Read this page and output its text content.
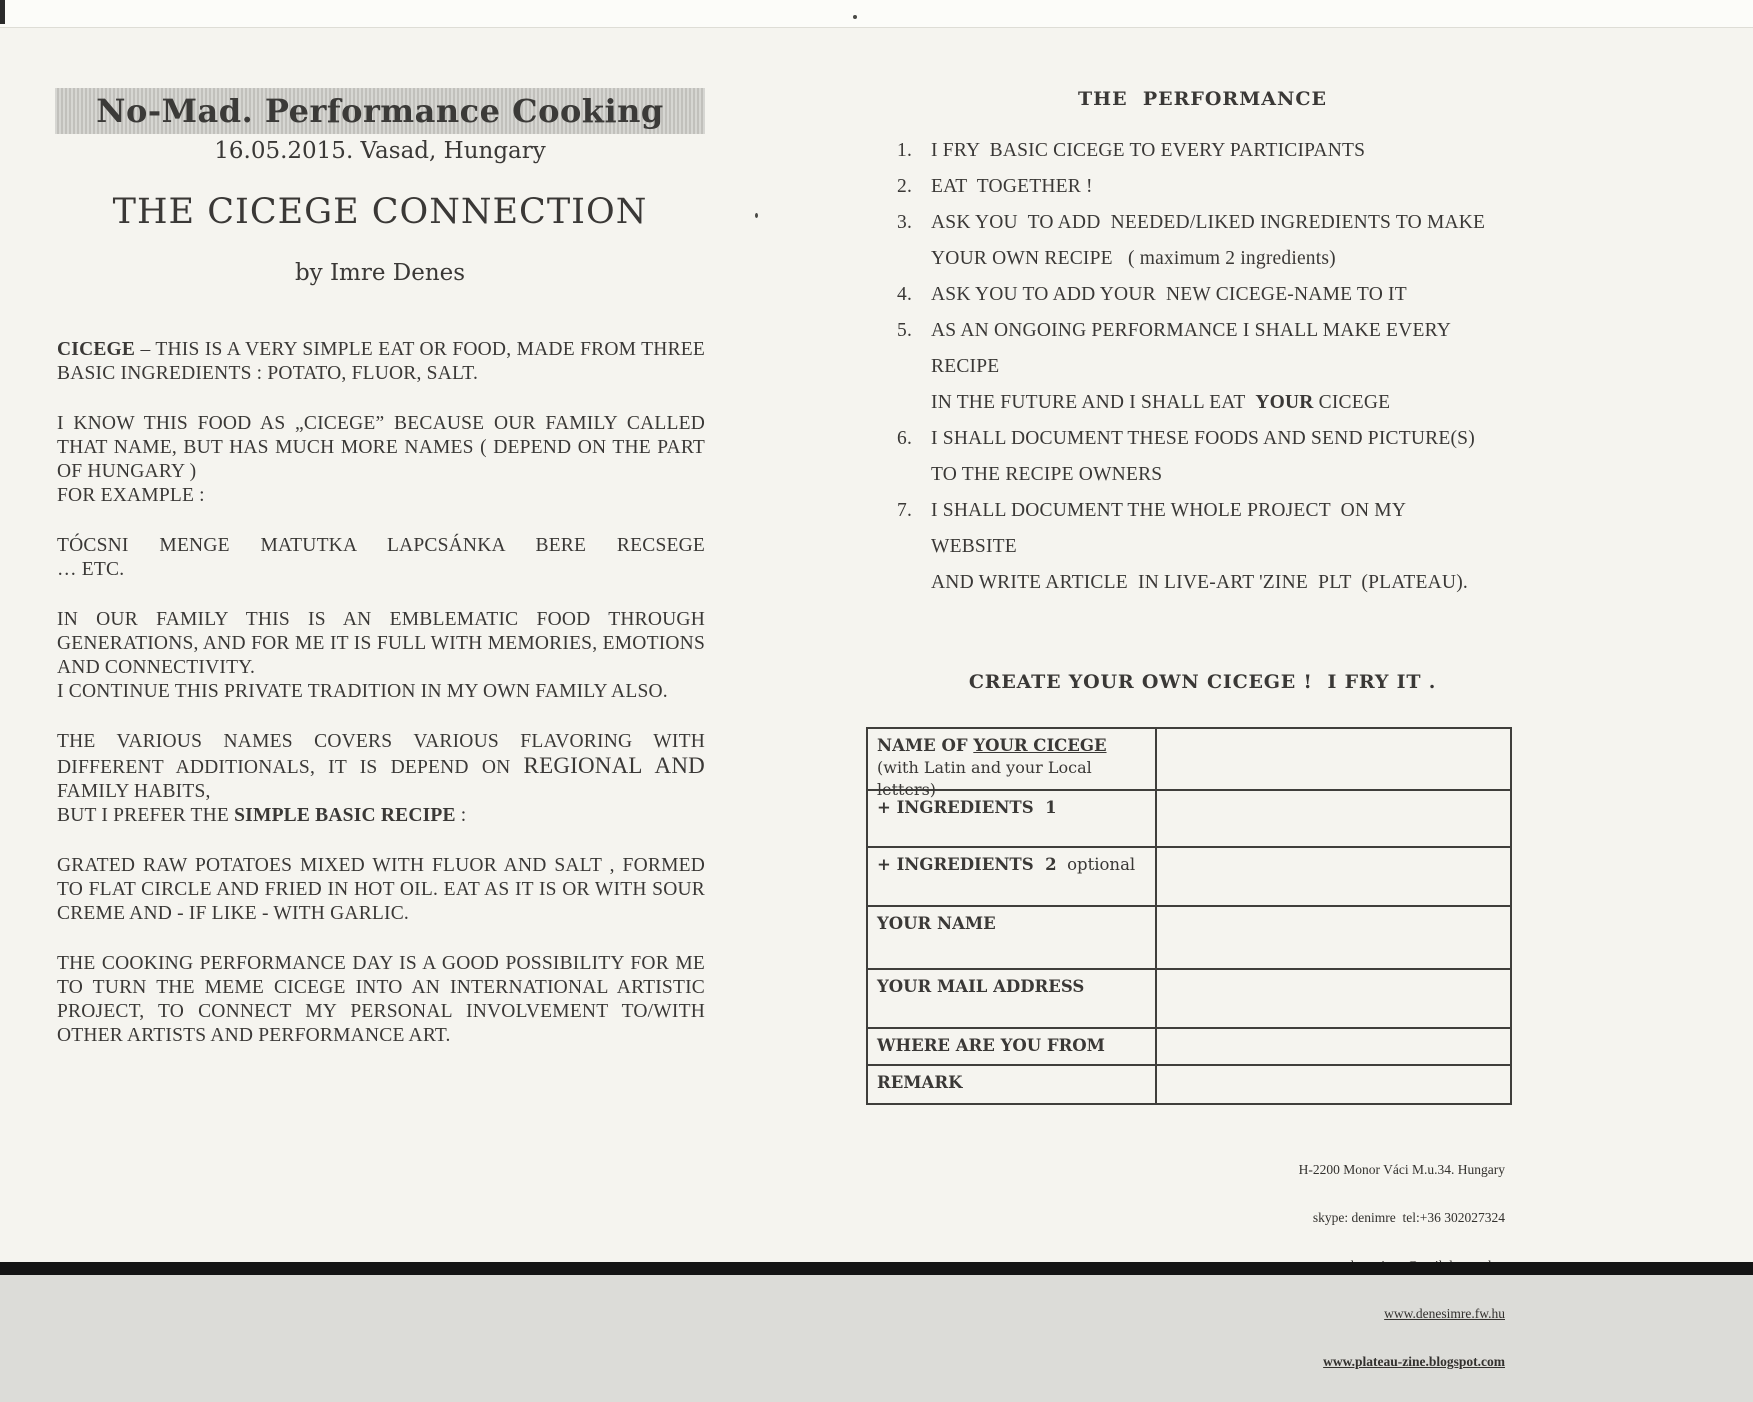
No-Mad. Performance Cooking
16.05.2015. Vasad, Hungary
THE CICEGE CONNECTION
by Imre Denes

CICEGE – THIS IS A VERY SIMPLE EAT OR FOOD, MADE FROM THREE BASIC INGREDIENTS : POTATO, FLUOR, SALT.

I KNOW THIS FOOD AS „CICEGE” BECAUSE OUR FAMILY CALLED THAT NAME, BUT HAS MUCH MORE NAMES ( DEPEND ON THE PART OF HUNGARY )
FOR EXAMPLE :

TÓCSNI MENGE MATUTKA LAPCSÁNKA BERE RECSEGE
… ETC.

IN OUR FAMILY THIS IS AN EMBLEMATIC FOOD THROUGH GENERATIONS, AND FOR ME IT IS FULL WITH MEMORIES, EMOTIONS AND CONNECTIVITY.
I CONTINUE THIS PRIVATE TRADITION IN MY OWN FAMILY ALSO.

THE VARIOUS NAMES COVERS VARIOUS FLAVORING WITH DIFFERENT ADDITIONALS, IT IS DEPEND ON REGIONAL AND FAMILY HABITS,
BUT I PREFER THE SIMPLE BASIC RECIPE :

GRATED RAW POTATOES MIXED WITH FLUOR AND SALT , FORMED TO FLAT CIRCLE AND FRIED IN HOT OIL. EAT AS IT IS OR WITH SOUR CREME AND - IF LIKE - WITH GARLIC.

THE COOKING PERFORMANCE DAY IS A GOOD POSSIBILITY FOR ME TO TURN THE MEME CICEGE INTO AN INTERNATIONAL ARTISTIC PROJECT, TO CONNECT MY PERSONAL INVOLVEMENT TO/WITH OTHER ARTISTS AND PERFORMANCE ART.

THE  PERFORMANCE
1. I FRY  BASIC CICEGE TO EVERY PARTICIPANTS
2. EAT  TOGETHER !
3. ASK YOU  TO ADD  NEEDED/LIKED INGREDIENTS TO MAKE
YOUR OWN RECIPE   ( maximum 2 ingredients)
4. ASK YOU TO ADD YOUR  NEW CICEGE-NAME TO IT
5. AS AN ONGOING PERFORMANCE I SHALL MAKE EVERY
RECIPE
IN THE FUTURE AND I SHALL EAT  YOUR CICEGE
6. I SHALL DOCUMENT THESE FOODS AND SEND PICTURE(S)
TO THE RECIPE OWNERS
7. I SHALL DOCUMENT THE WHOLE PROJECT  ON MY
WEBSITE
AND WRITE ARTICLE  IN LIVE-ART 'ZINE  PLT  (PLATEAU).
CREATE YOUR OWN CICEGE !  I FRY IT .
NAME OF YOUR CICEGE
(with Latin and your Local letters)
+ INGREDIENTS  1
+ INGREDIENTS  2  optional
YOUR NAME
YOUR MAIL ADDRESS
WHERE ARE YOU FROM
REMARK

H-2200 Monor Váci M.u.34. Hungary

skype: denimre  tel:+36 302027324

www.denesimre.fw.hu

www.plateau-zine.blogspot.com
